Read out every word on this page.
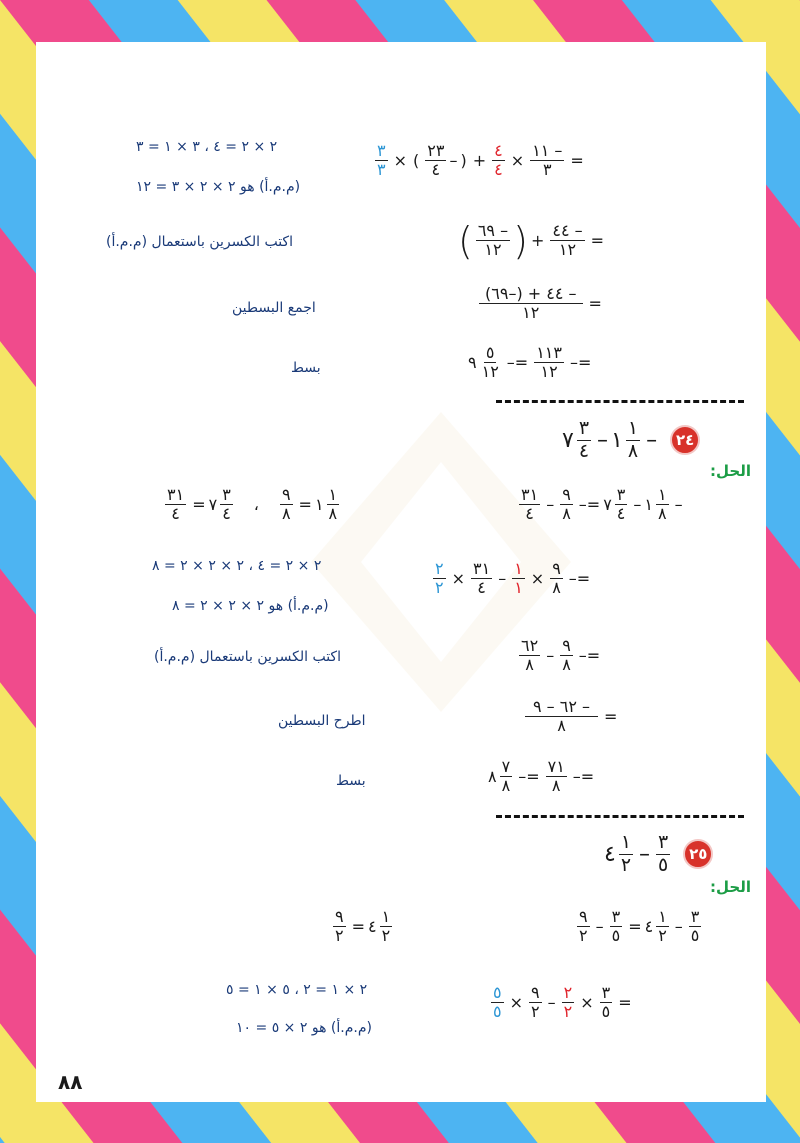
٣
٣ × (
٢٣
٤ – ) +
٤
٤ ×
١١ –
٣ =
٢ × ٢ = ٤ ، ٣ × ١ = ٣
(م.م.أ) هو ٢ × ٢ × ٣ = ١٢
( ٦٩ –
١٢ ) +
٤٤ –
١٢ =
اكتب الكسرين باستعمال (م.م.أ)
(٦٩–) + ٤٤ –
١٢	=
اجمع البسطين
٩
٥
١٢ –=
١١٣
١٢ –=
بسط
٧ ٣
٤ – ١ ١
٨ –	٢٤
الحل:
٣١
٤ –
٩
٨ –= ٧
٣
٤ – ١
١
٨ –
٣١
٤ = ٧
٣
٤ ،
٩
٨ = ١
١
٨
٢
٢ ×
٣١
٤ –
١
١ ×
٩
٨ –=
٢ × ٢ = ٤ ، ٢ × ٢ × ٢ = ٨
(م.م.أ) هو ٢ × ٢ × ٢ = ٨
٦٢
٨ –
٩
٨ –=
اكتب الكسرين باستعمال (م.م.أ)
٦٢ – ٩ –
٨ =
اطرح البسطين
٨
٧
٨ –=
٧١
٨ –=
بسط
٤ ١
٢ – ٣
٥	٢٥
الحل:
٩
٢ –
٣
٥ = ٤
١
٢ –
٣
٥
٩
٢ = ٤
١
٢
٥
٥ ×
٩
٢ –
٢
٢ ×
٣
٥ =
٢ × ١ = ٢ ، ٥ × ١ = ٥
(م.م.أ) هو ٢ × ٥ = ١٠
٨٨
